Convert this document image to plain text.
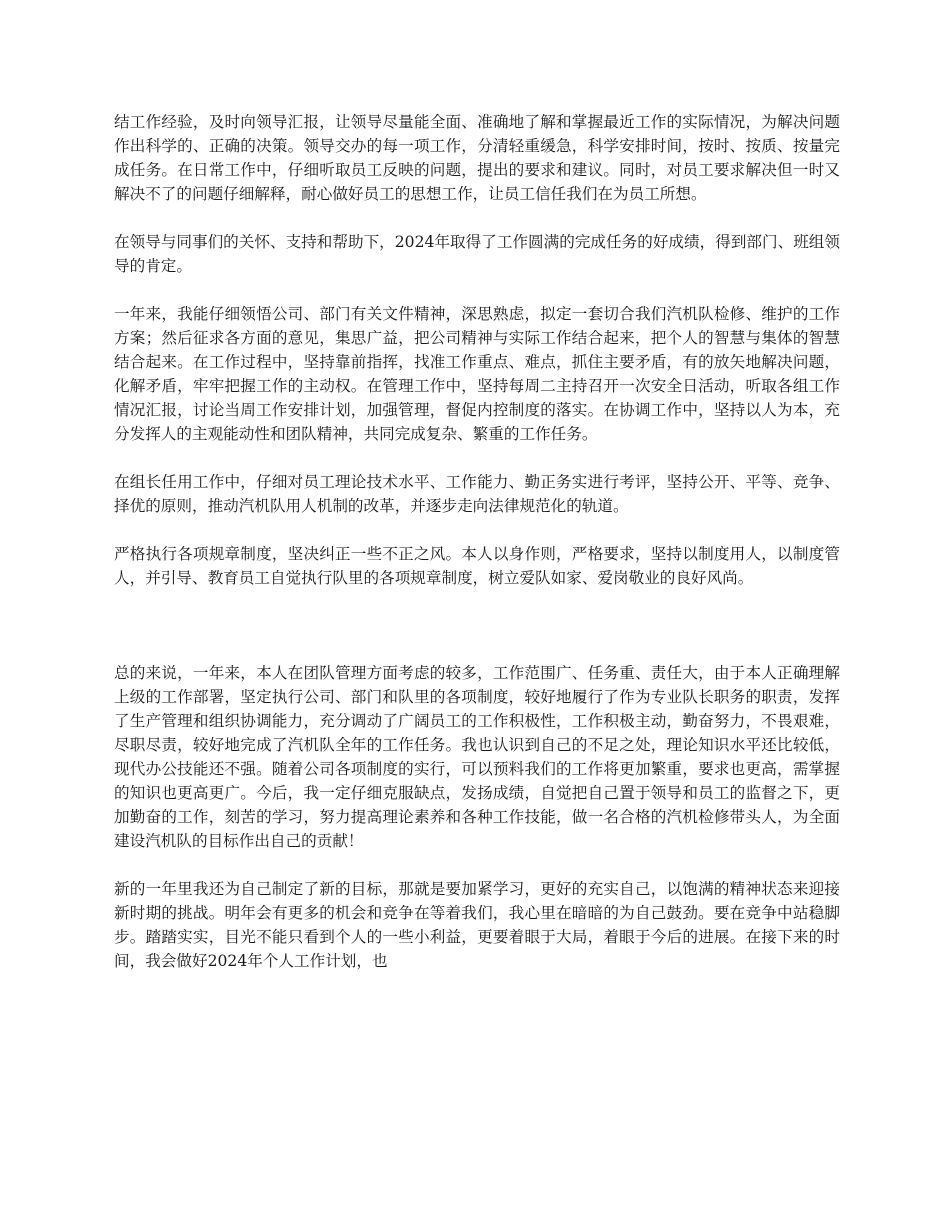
结工作经验，及时向领导汇报，让领导尽量能全面、准确地了解和掌握最近工作的实际情况，为解决问题作出科学的、正确的决策。领导交办的每一项工作，分清轻重缓急，科学安排时间，按时、按质、按量完成任务。在日常工作中，仔细听取员工反映的问题，提出的要求和建议。同时，对员工要求解决但一时又解决不了的问题仔细解释，耐心做好员工的思想工作，让员工信任我们在为员工所想。

在领导与同事们的关怀、支持和帮助下，2024年取得了工作圆满的完成任务的好成绩，得到部门、班组领导的肯定。

一年来，我能仔细领悟公司、部门有关文件精神，深思熟虑，拟定一套切合我们汽机队检修、维护的工作方案；然后征求各方面的意见，集思广益，把公司精神与实际工作结合起来，把个人的智慧与集体的智慧结合起来。在工作过程中，坚持靠前指挥，找准工作重点、难点，抓住主要矛盾，有的放矢地解决问题，化解矛盾，牢牢把握工作的主动权。在管理工作中，坚持每周二主持召开一次安全日活动，听取各组工作情况汇报，讨论当周工作安排计划，加强管理，督促内控制度的落实。在协调工作中，坚持以人为本，充分发挥人的主观能动性和团队精神，共同完成复杂、繁重的工作任务。

在组长任用工作中，仔细对员工理论技术水平、工作能力、勤正务实进行考评，坚持公开、平等、竞争、择优的原则，推动汽机队用人机制的改革，并逐步走向法律规范化的轨道。

严格执行各项规章制度，坚决纠正一些不正之风。本人以身作则，严格要求，坚持以制度用人，以制度管人，并引导、教育员工自觉执行队里的各项规章制度，树立爱队如家、爱岗敬业的良好风尚。

总的来说，一年来，本人在团队管理方面考虑的较多，工作范围广、任务重、责任大，由于本人正确理解上级的工作部署，坚定执行公司、部门和队里的各项制度，较好地履行了作为专业队长职务的职责，发挥了生产管理和组织协调能力，充分调动了广阔员工的工作积极性，工作积极主动，勤奋努力，不畏艰难，尽职尽责，较好地完成了汽机队全年的工作任务。我也认识到自己的不足之处，理论知识水平还比较低，现代办公技能还不强。随着公司各项制度的实行，可以预料我们的工作将更加繁重，要求也更高，需掌握的知识也更高更广。今后，我一定仔细克服缺点，发扬成绩，自觉把自己置于领导和员工的监督之下，更加勤奋的工作，刻苦的学习，努力提高理论素养和各种工作技能，做一名合格的汽机检修带头人，为全面建设汽机队的目标作出自己的贡献！

新的一年里我还为自己制定了新的目标，那就是要加紧学习，更好的充实自己，以饱满的精神状态来迎接新时期的挑战。明年会有更多的机会和竞争在等着我们，我心里在暗暗的为自己鼓劲。要在竞争中站稳脚步。踏踏实实，目光不能只看到个人的一些小利益，更要着眼于大局，着眼于今后的进展。在接下来的时间，我会做好2024年个人工作计划，也
